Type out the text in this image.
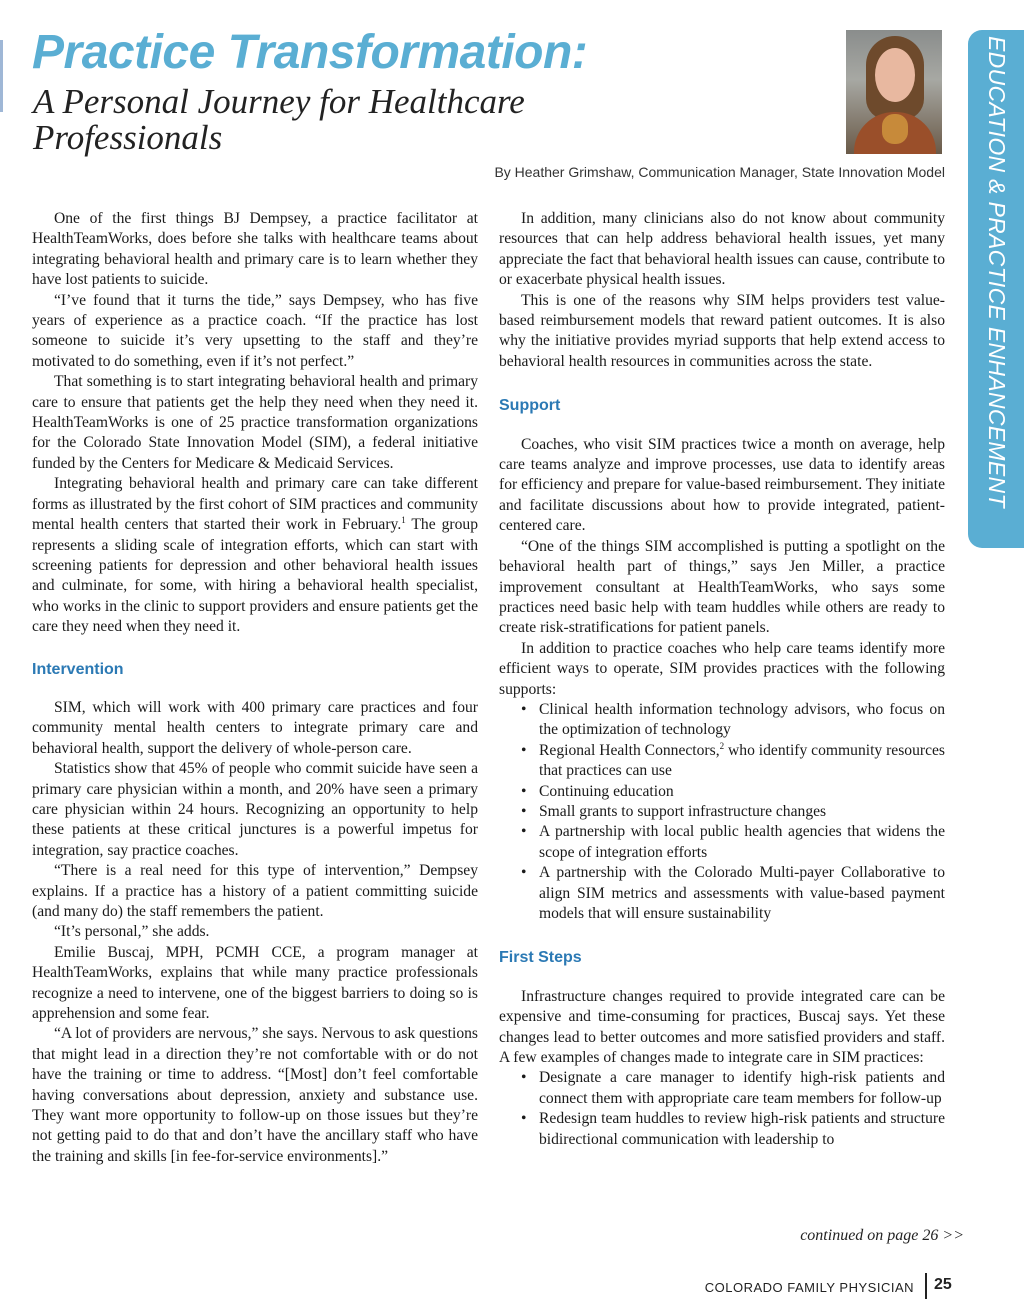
Practice Transformation:
A Personal Journey for Healthcare Professionals
By Heather Grimshaw, Communication Manager, State Innovation Model EDUCATION & PRACTICE ENHANCEMENT

One of the first things BJ Dempsey, a practice facilitator at HealthTeamWorks, does before she talks with healthcare teams about integrating behavioral health and primary care is to learn whether they have lost patients to suicide.

“I’ve found that it turns the tide,” says Dempsey, who has five years of experience as a practice coach. “If the practice has lost someone to suicide it’s very upsetting to the staff and they’re motivated to do something, even if it’s not perfect.”

That something is to start integrating behavioral health and primary care to ensure that patients get the help they need when they need it. HealthTeamWorks is one of 25 practice transformation organizations for the Colorado State Innovation Model (SIM), a federal initiative funded by the Centers for Medicare & Medicaid Services.

Integrating behavioral health and primary care can take different forms as illustrated by the first cohort of SIM practices and community mental health centers that started their work in February.$^1$ The group represents a sliding scale of integration efforts, which can start with screening patients for depression and other behavioral health issues and culminate, for some, with hiring a behavioral health specialist, who works in the clinic to support providers and ensure patients get the care they need when they need it.

Intervention

SIM, which will work with 400 primary care practices and four community mental health centers to integrate primary care and behavioral health, support the delivery of whole-person care.

Statistics show that 45% of people who commit suicide have seen a primary care physician within a month, and 20% have seen a primary care physician within 24 hours. Recognizing an opportunity to help these patients at these critical junctures is a powerful impetus for integration, say practice coaches.

“There is a real need for this type of intervention,” Dempsey explains. If a practice has a history of a patient committing suicide (and many do) the staff remembers the patient.

“It’s personal,” she adds.

Emilie Buscaj, MPH, PCMH CCE, a program manager at HealthTeamWorks, explains that while many practice professionals recognize a need to intervene, one of the biggest barriers to doing so is apprehension and some fear.

“A lot of providers are nervous,” she says. Nervous to ask questions that might lead in a direction they’re not comfortable with or do not have the training or time to address. “[Most] don’t feel comfortable having conversations about depression, anxiety and substance use. They want more opportunity to follow-up on those issues but they’re not getting paid to do that and don’t have the ancillary staff who have the training and skills [in fee-for-service environments].”

In addition, many clinicians also do not know about community resources that can help address behavioral health issues, yet many appreciate the fact that behavioral health issues can cause, contribute to or exacerbate physical health issues.

This is one of the reasons why SIM helps providers test value-based reimbursement models that reward patient outcomes. It is also why the initiative provides myriad supports that help extend access to behavioral health resources in communities across the state.

Support

Coaches, who visit SIM practices twice a month on average, help care teams analyze and improve processes, use data to identify areas for efficiency and prepare for value-based reimbursement. They initiate and facilitate discussions about how to provide integrated, patient-centered care.

“One of the things SIM accomplished is putting a spotlight on the behavioral health part of things,” says Jen Miller, a practice improvement consultant at HealthTeamWorks, who says some practices need basic help with team huddles while others are ready to create risk-stratifications for patient panels.

In addition to practice coaches who help care teams identify more efficient ways to operate, SIM provides practices with the following supports:

• Clinical health information technology advisors, who focus on the optimization of technology
• Regional Health Connectors,$^2$ who identify community resources that practices can use
• Continuing education
• Small grants to support infrastructure changes
• A partnership with local public health agencies that widens the scope of integration efforts
• A partnership with the Colorado Multi-payer Collaborative to align SIM metrics and assessments with value-based payment models that will ensure sustainability
First Steps

Infrastructure changes required to provide integrated care can be expensive and time-consuming for practices, Buscaj says. Yet these changes lead to better outcomes and more satisfied providers and staff. A few examples of changes made to integrate care in SIM practices:

• Designate a care manager to identify high-risk patients and connect them with appropriate care team members for follow-up
• Redesign team huddles to review high-risk patients and structure bidirectional communication with leadership to
continued on page 26 >>
COLORADO FAMILY PHYSICIAN 25
